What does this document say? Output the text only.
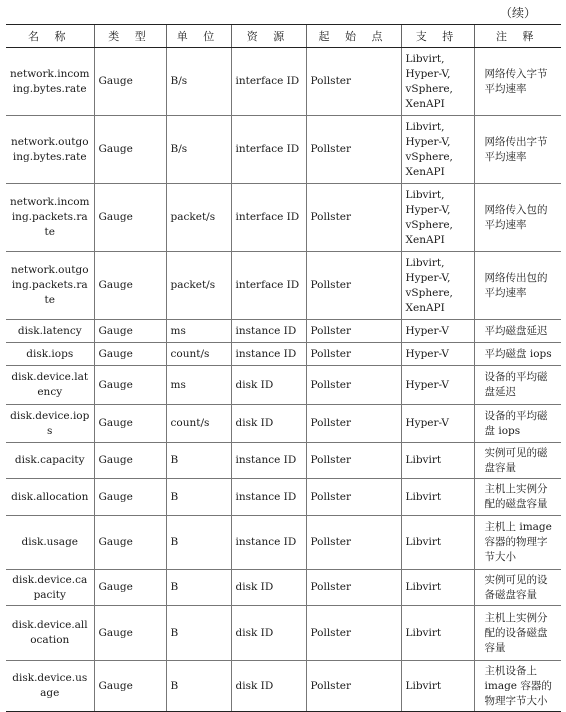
（续）
名 称	类 型	单 位	资 源	起 始 点	支 持	注 释
network.incoming.bytes.rate	Gauge	B/s	interface ID	Pollster	Libvirt, Hyper-V, vSphere, XenAPI	网络传入字节平均速率
network.outgoing.bytes.rate	Gauge	B/s	interface ID	Pollster	Libvirt, Hyper-V, vSphere, XenAPI	网络传出字节平均速率
network.incoming.packets.rate	Gauge	packet/s	interface ID	Pollster	Libvirt, Hyper-V, vSphere, XenAPI	网络传入包的平均速率
network.outgoing.packets.rate	Gauge	packet/s	interface ID	Pollster	Libvirt, Hyper-V, vSphere, XenAPI	网络传出包的平均速率
disk.latency	Gauge	ms	instance ID	Pollster	Hyper-V	平均磁盘延迟
disk.iops	Gauge	count/s	instance ID	Pollster	Hyper-V	平均磁盘 iops
disk.device.latency	Gauge	ms	disk ID	Pollster	Hyper-V	设备的平均磁盘延迟
disk.device.iops	Gauge	count/s	disk ID	Pollster	Hyper-V	设备的平均磁盘 iops
disk.capacity	Gauge	B	instance ID	Pollster	Libvirt	实例可见的磁盘容量
disk.allocation	Gauge	B	instance ID	Pollster	Libvirt	主机上实例分配的磁盘容量
disk.usage	Gauge	B	instance ID	Pollster	Libvirt	主机上 image 容器的物理字节大小
disk.device.capacity	Gauge	B	disk ID	Pollster	Libvirt	实例可见的设备磁盘容量
disk.device.allocation	Gauge	B	disk ID	Pollster	Libvirt	主机上实例分配的设备磁盘容量
disk.device.usage	Gauge	B	disk ID	Pollster	Libvirt	主机设备上 image 容器的物理字节大小
